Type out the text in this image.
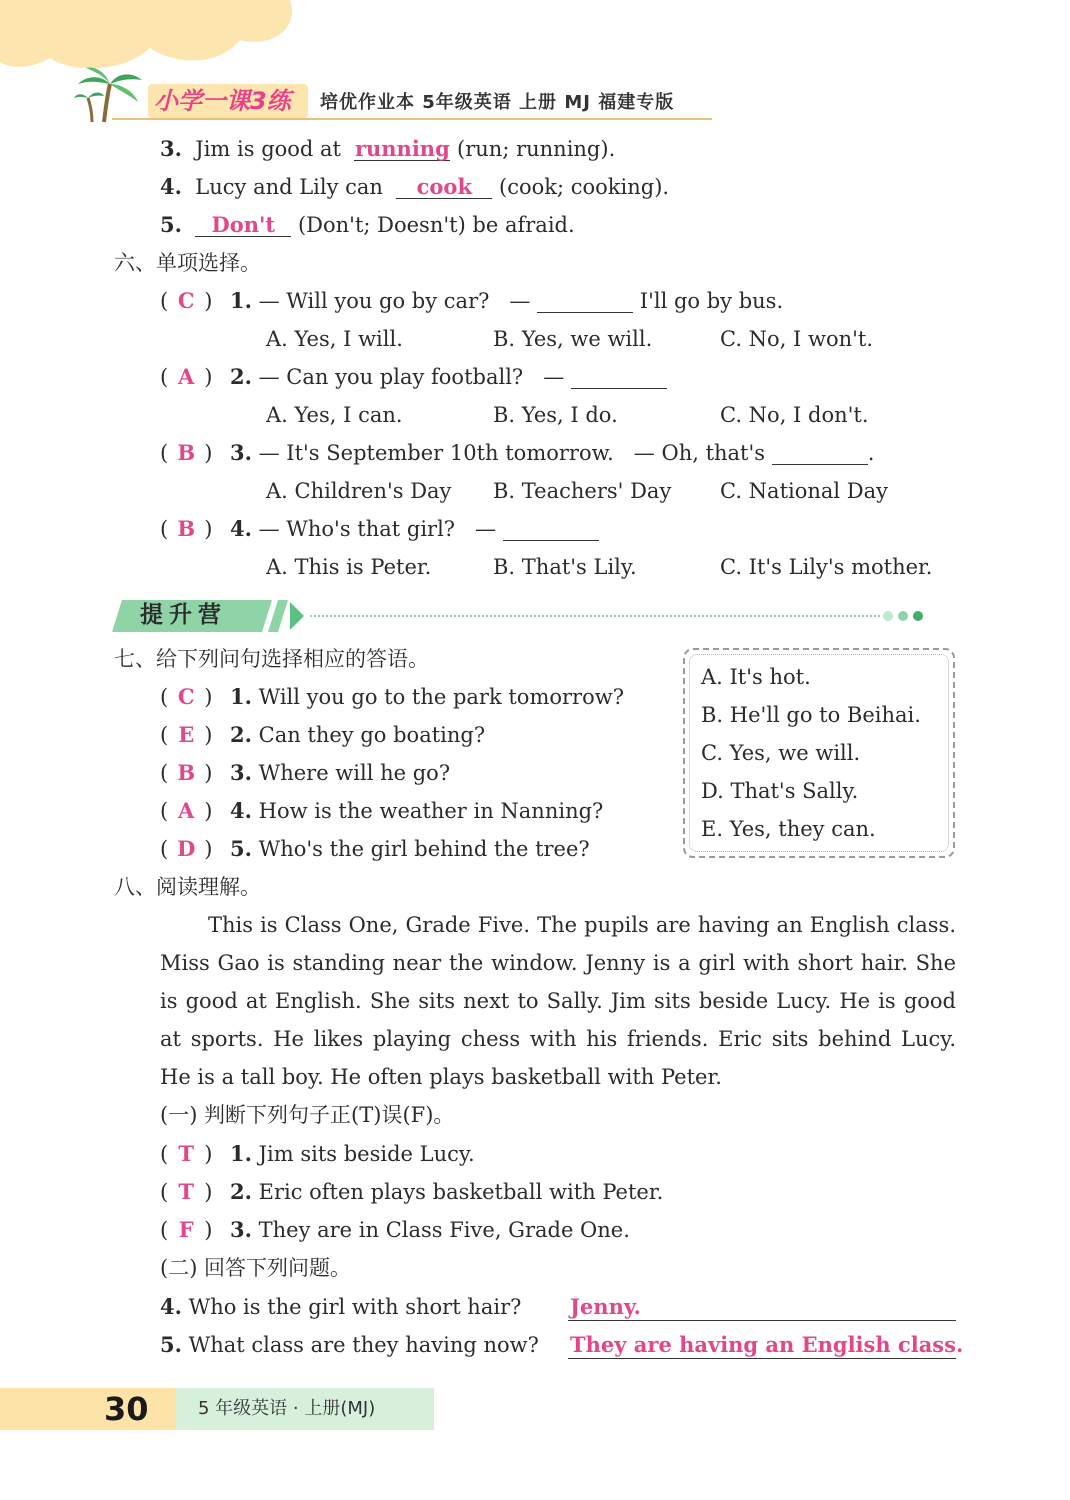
小学一课3练 培优作业本 5年级英语 上册 MJ 福建专版
3. Jim is good at running (run; running).
4. Lucy and Lily can cook (cook; cooking).
5. Don't (Don't; Doesn't) be afraid.
六、单项选择。
( C ) 1. — Will you go by car? —	I'll go by bus.
A. Yes, I will.	B. Yes, we will.	C. No, I won't.
( A ) 2. — Can you play football? —
A. Yes, I can.	B. Yes, I do.	C. No, I don't.
( B ) 3. — It's September 10th tomorrow. — Oh, that's	.
A. Children's Day B. Teachers' Day C. National Day
( B ) 4. — Who's that girl? —
A. This is Peter.	B. That's Lily.	C. It's Lily's mother.
提升营
七、给下列问句选择相应的答语。
( C ) 1. Will you go to the park tomorrow?
( E ) 2. Can they go boating?
( B ) 3. Where will he go?
( A ) 4. How is the weather in Nanning?
( D ) 5. Who's the girl behind the tree?
A. It's hot.
B. He'll go to Beihai.
C. Yes, we will.
D. That's Sally.
E. Yes, they can.
八、阅读理解。
This is Class One, Grade Five. The pupils are having an English class. Miss Gao is standing near the window. Jenny is a girl with short hair. She is good at English. She sits next to Sally. Jim sits beside Lucy. He is good at sports. He likes playing chess with his friends. Eric sits behind Lucy. He is a tall boy. He often plays basketball with Peter.
(一) 判断下列句子正(T)误(F)。
( T ) 1. Jim sits beside Lucy.
( T ) 2. Eric often plays basketball with Peter.
( F ) 3. They are in Class Five, Grade One.
(二) 回答下列问题。
4. Who is the girl with short hair? Jenny.
5. What class are they having now? They are having an English class.
30	5 年级英语 · 上册(MJ)
